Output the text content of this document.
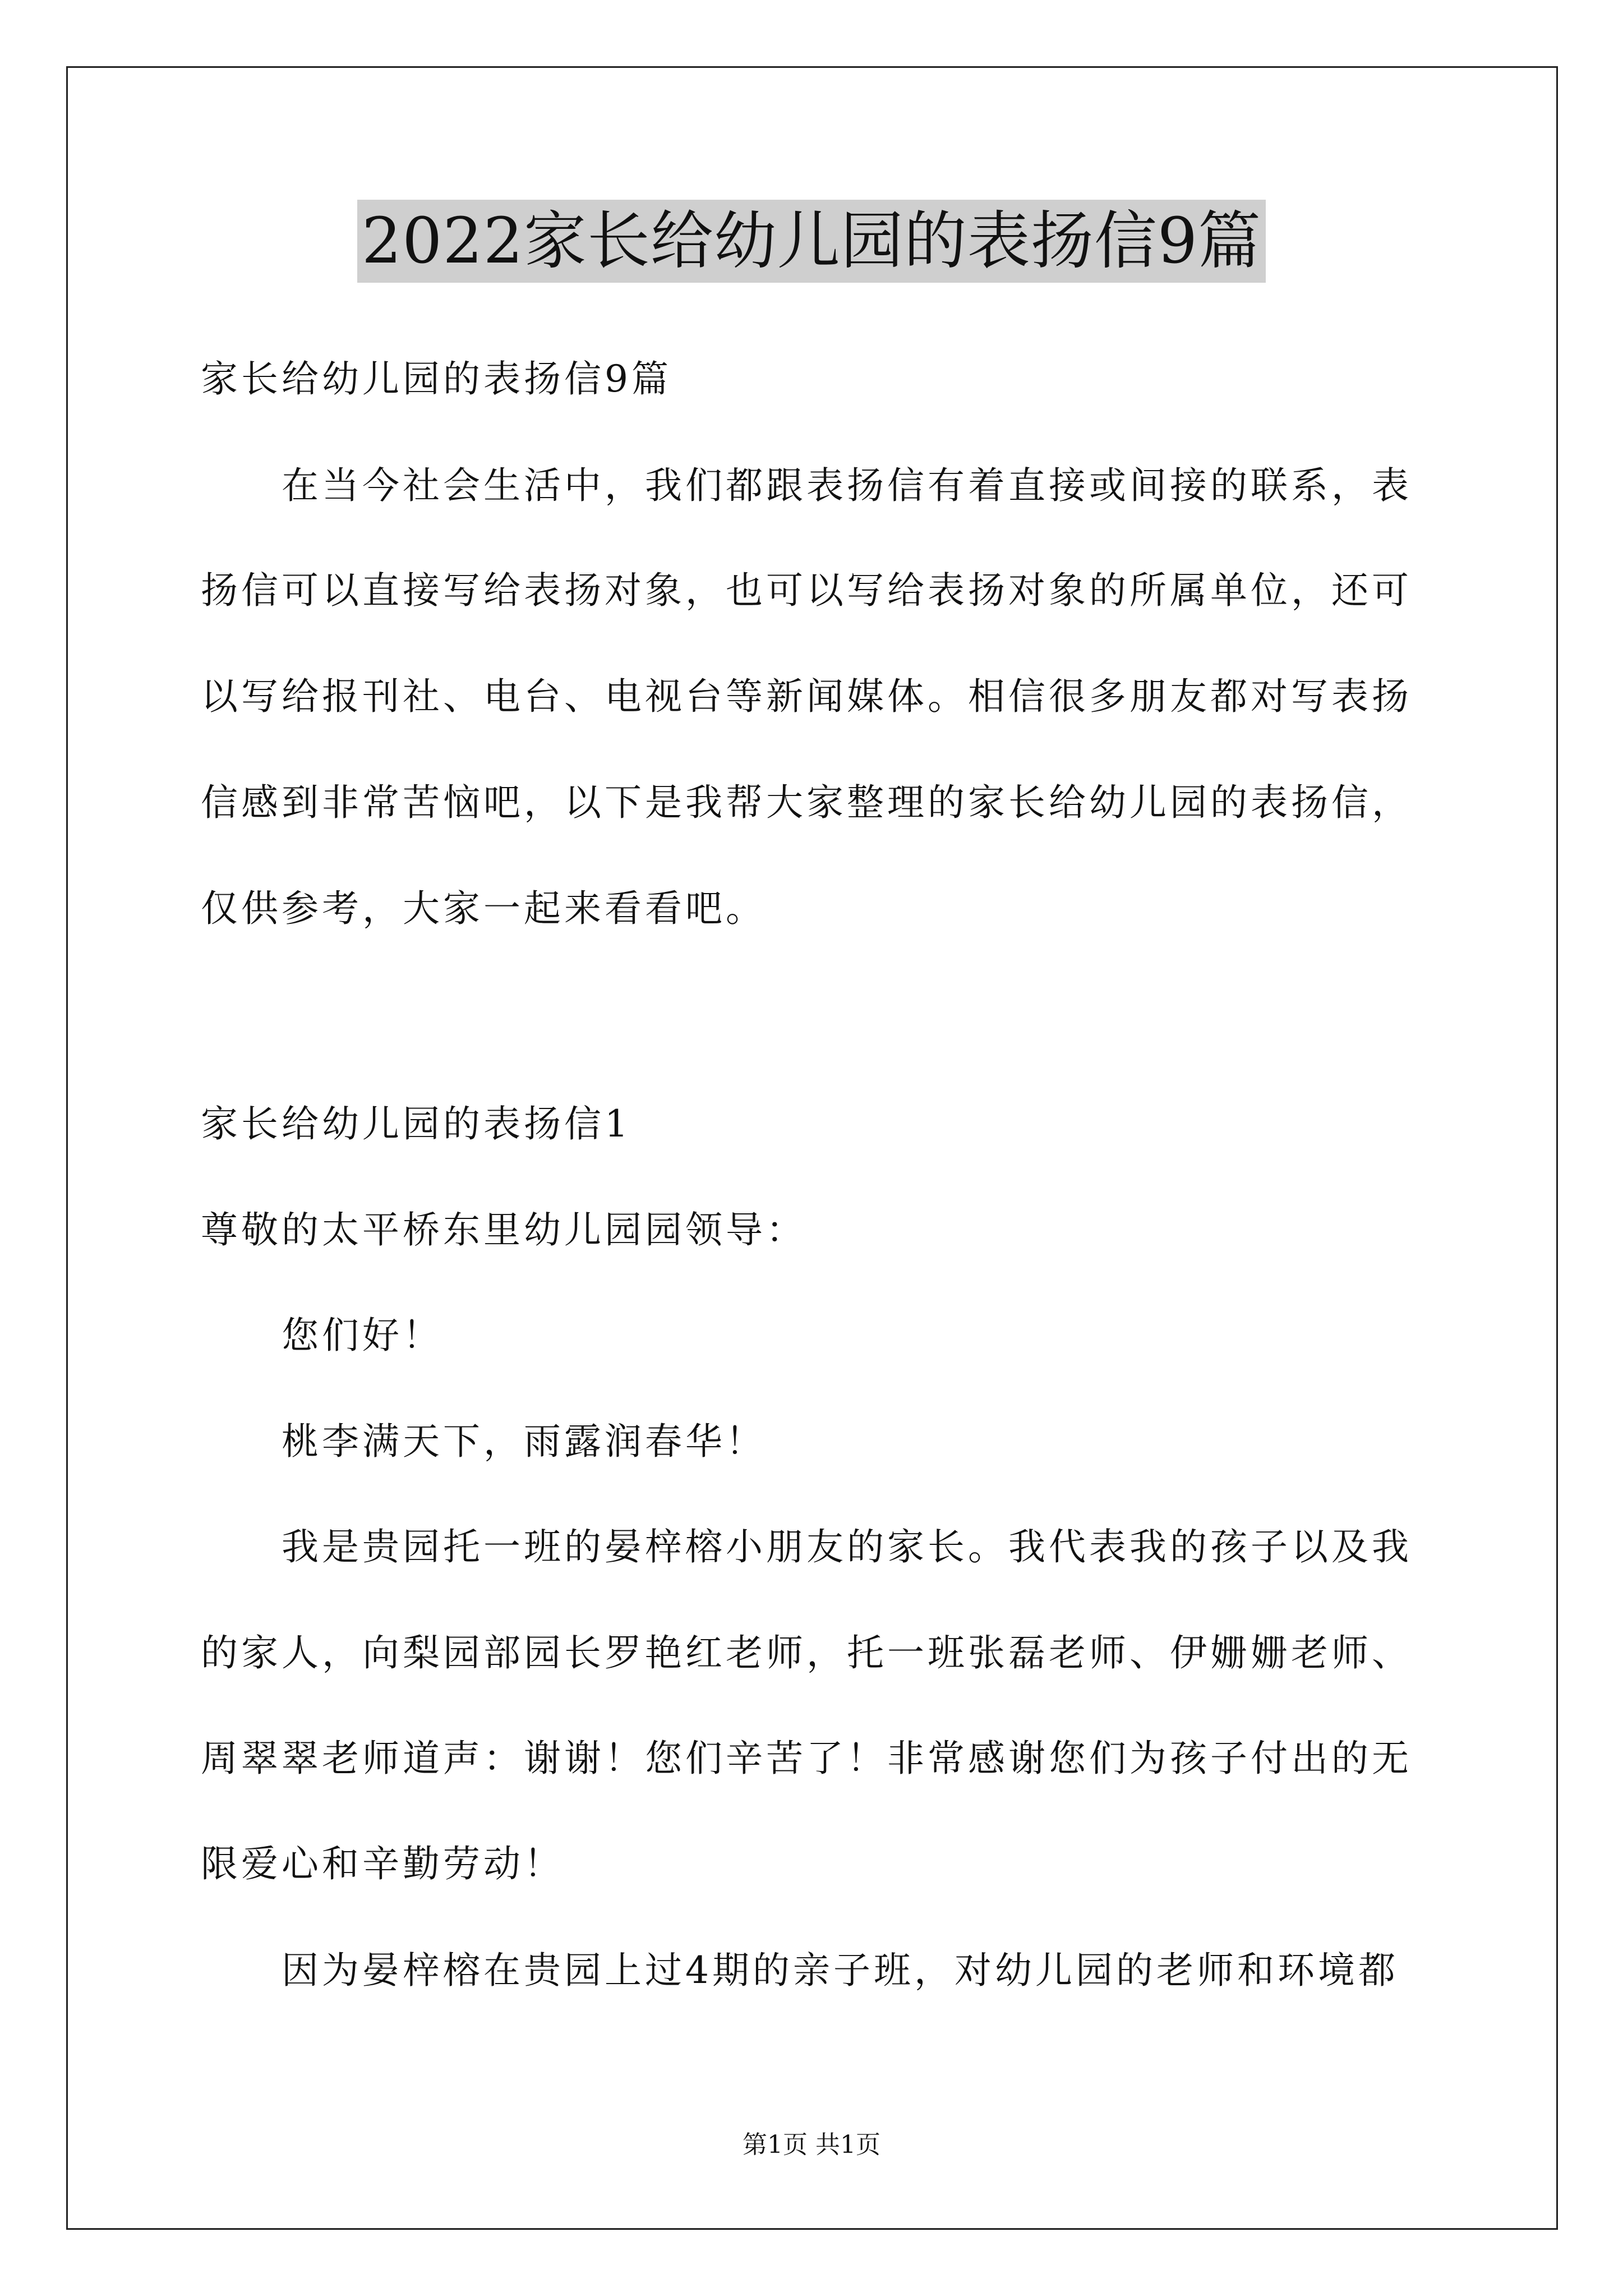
2022家长给幼儿园的表扬信9篇
家长给幼儿园的表扬信9篇
在当今社会生活中，我们都跟表扬信有着直接或间接的联系，表
扬信可以直接写给表扬对象，也可以写给表扬对象的所属单位，还可
以写给报刊社、电台、电视台等新闻媒体。相信很多朋友都对写表扬
信感到非常苦恼吧，以下是我帮大家整理的家长给幼儿园的表扬信，
仅供参考，大家一起来看看吧。
家长给幼儿园的表扬信1
尊敬的太平桥东里幼儿园园领导：
您们好！
桃李满天下，雨露润春华！
我是贵园托一班的晏梓榕小朋友的家长。我代表我的孩子以及我
的家人，向梨园部园长罗艳红老师，托一班张磊老师、伊姗姗老师、
周翠翠老师道声：谢谢！您们辛苦了！非常感谢您们为孩子付出的无
限爱心和辛勤劳动！
因为晏梓榕在贵园上过4期的亲子班，对幼儿园的老师和环境都
第1页 共1页
